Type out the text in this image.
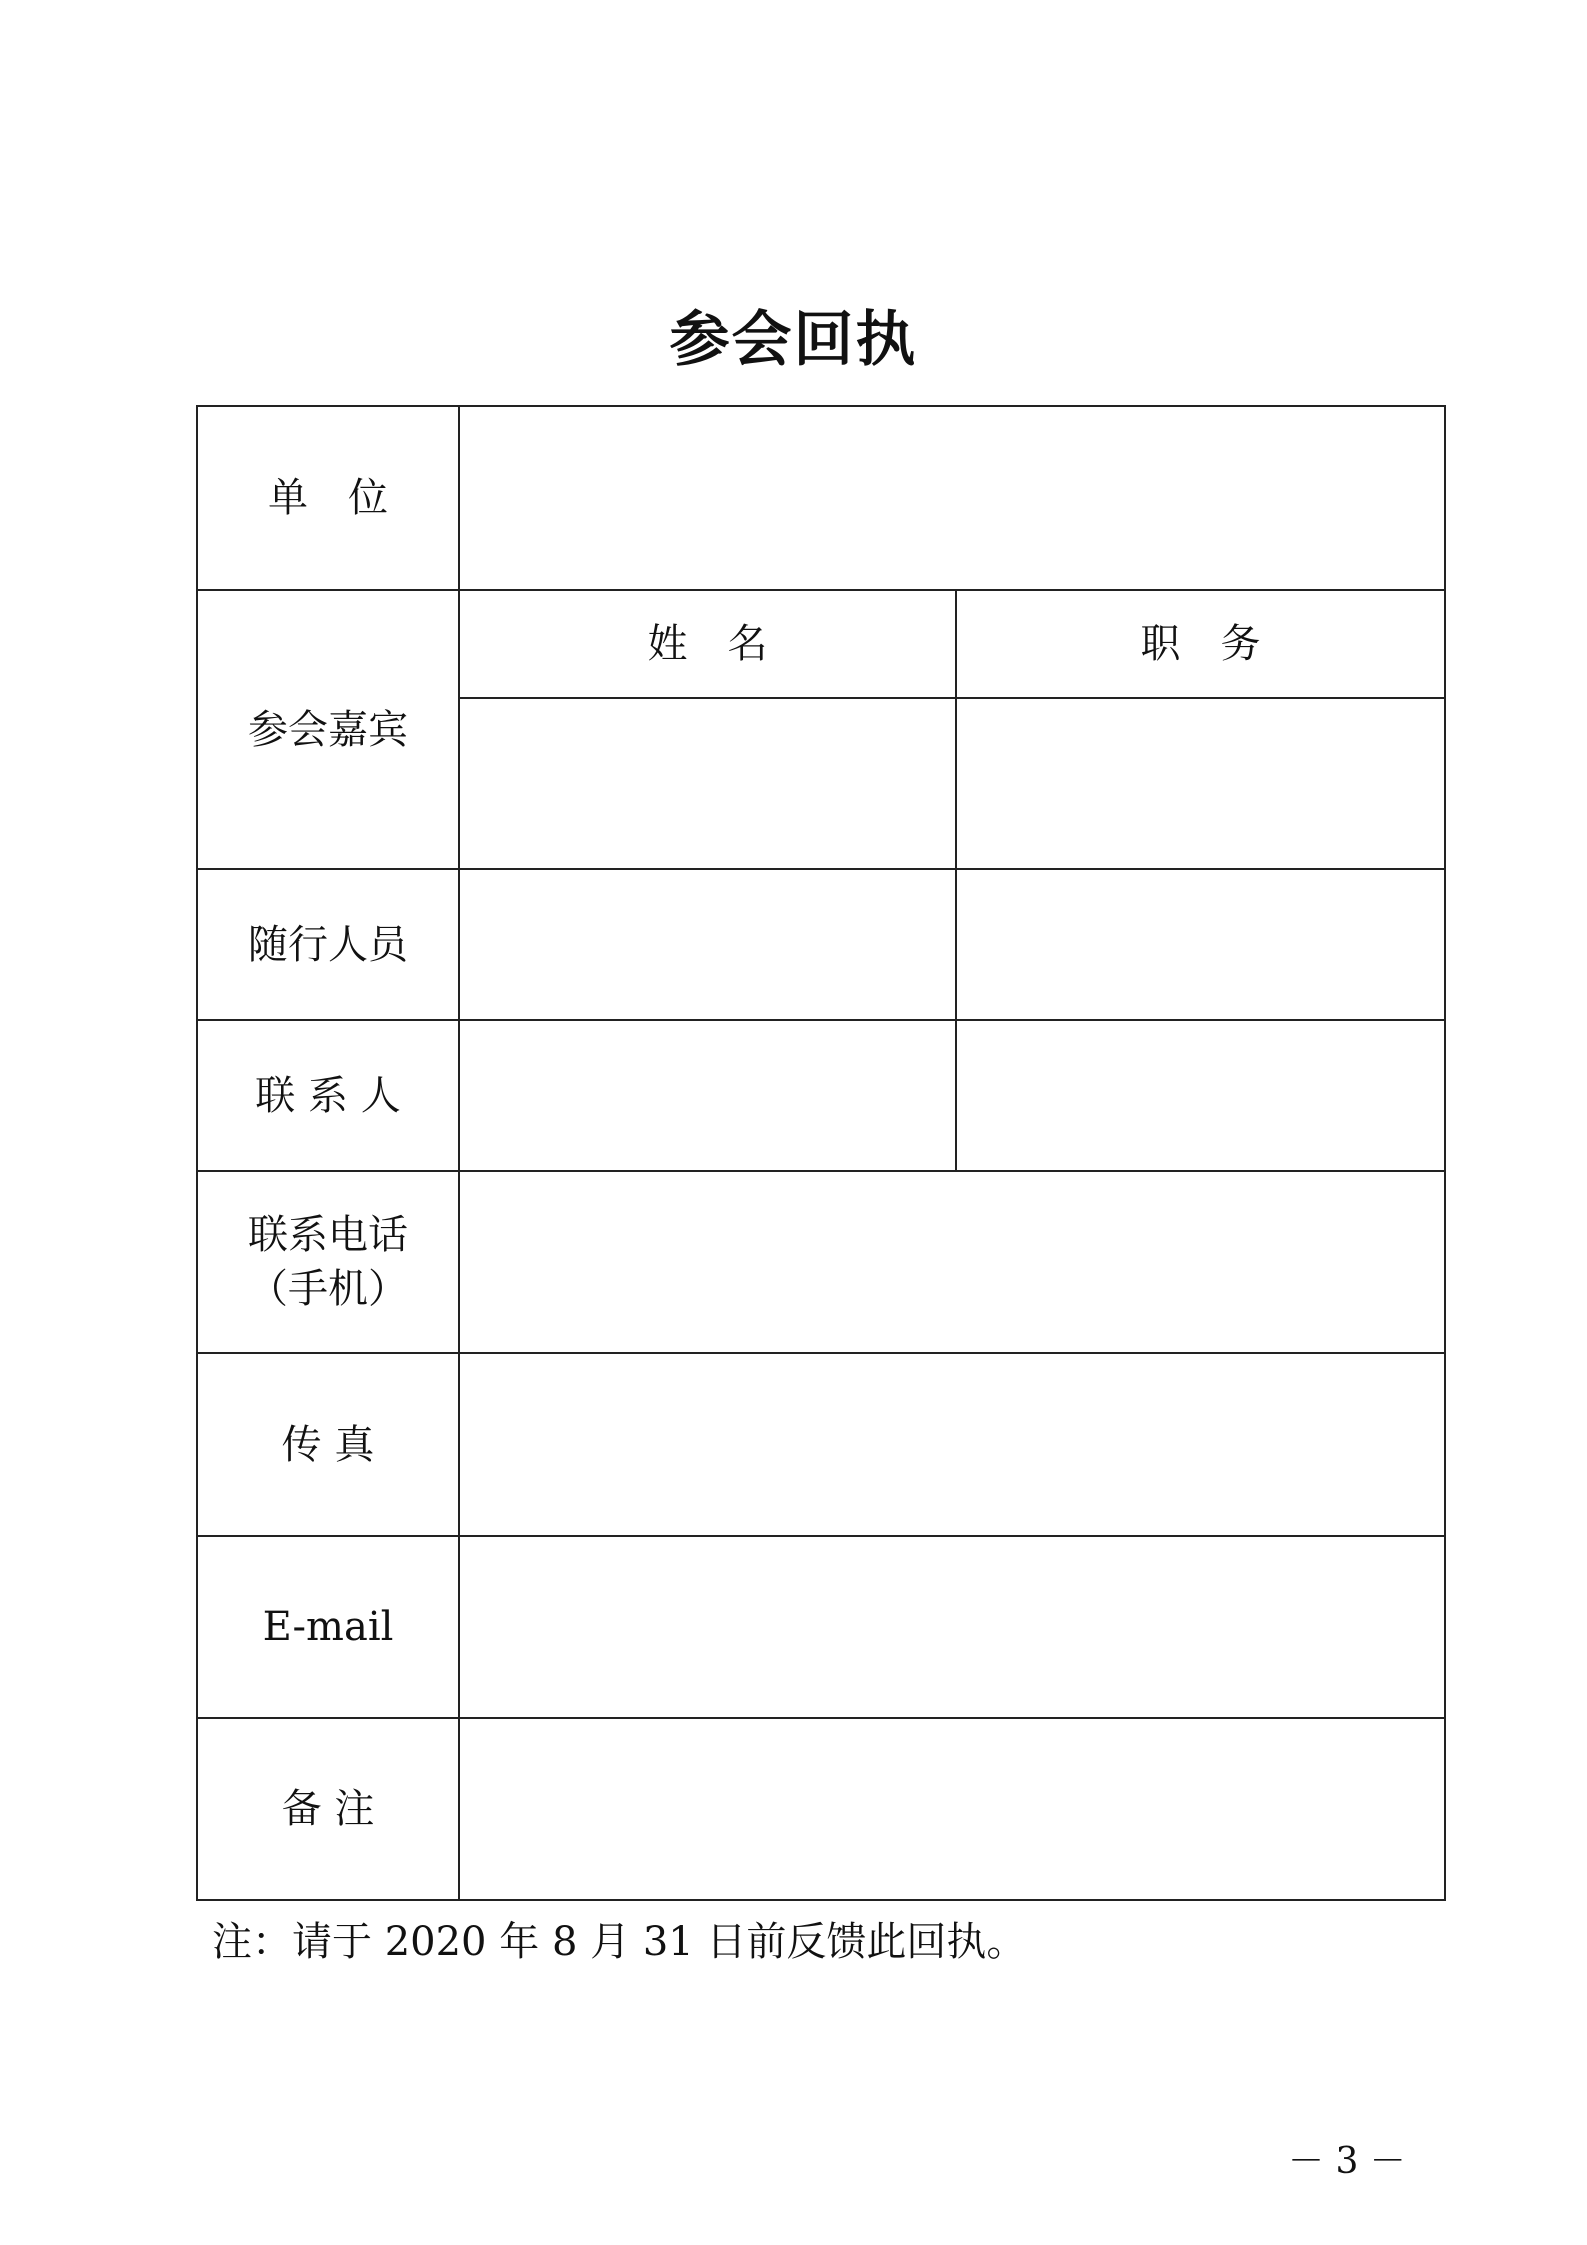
参会回执
单　位		
参会嘉宾	姓　名	职　务

随行人员		
联 系 人		

联系电话
（手机）		

传 真		
E-mail		
备 注		
注：请于 2020 年 8 月 31 日前反馈此回执。
－ 3 －
